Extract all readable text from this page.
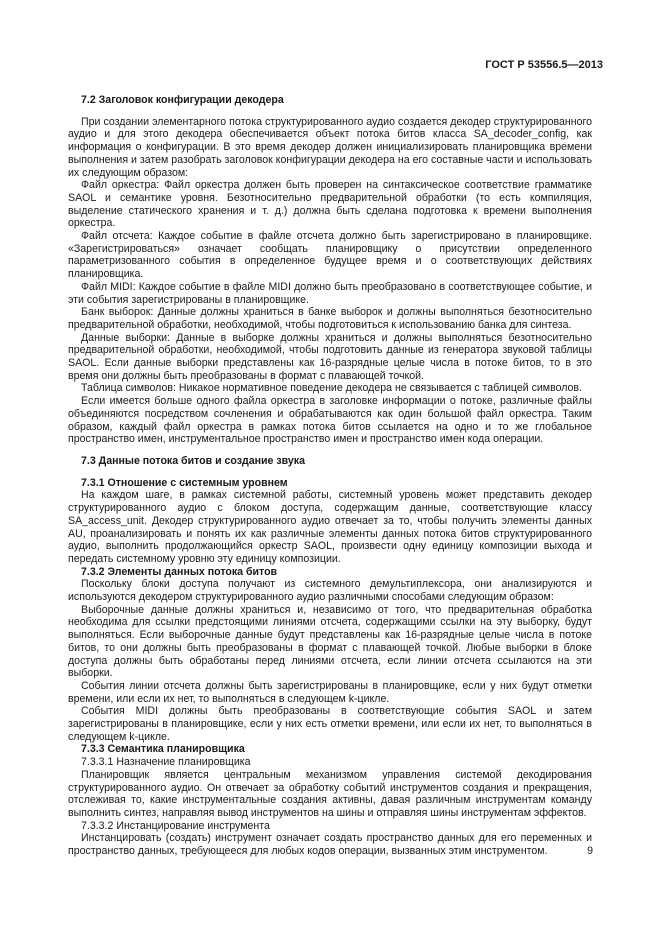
ГОСТ Р 53556.5—2013
7.2 Заголовок конфигурации декодера

При создании элементарного потока структурированного аудио создается декодер структурированного аудио и для этого декодера обеспечивается объект потока битов класса SA_decoder_config, как информация о конфигурации. В это время декодер должен инициализировать планировщика времени выполнения и затем разобрать заголовок конфигурации декодера на его составные части и использовать их следующим образом:

Файл оркестра: Файл оркестра должен быть проверен на синтаксическое соответствие грамматике SAOL и семантике уровня. Безотносительно предварительной обработки (то есть компиляция, выделение статического хранения и т. д.) должна быть сделана подготовка к времени выполнения оркестра.

Файл отсчета: Каждое событие в файле отсчета должно быть зарегистрировано в планировщике. «Зарегистрироваться» означает сообщать планировщику о присутствии определенного параметризованного события в определенное будущее время и о соответствующих действиях планировщика.

Файл MIDI: Каждое событие в файле MIDI должно быть преобразовано в соответствующее событие, и эти события зарегистрированы в планировщике.

Банк выборок: Данные должны храниться в банке выборок и должны выполняться безотносительно предварительной обработки, необходимой, чтобы подготовиться к использованию банка для синтеза.

Данные выборки: Данные в выборке должны храниться и должны выполняться безотносительно предварительной обработки, необходимой, чтобы подготовить данные из генератора звуковой таблицы SAOL. Если данные выборки представлены как 16-разрядные целые числа в потоке битов, то в это время они должны быть преобразованы в формат с плавающей точкой.

Таблица символов: Никакое нормативное поведение декодера не связывается с таблицей символов.

Если имеется больше одного файла оркестра в заголовке информации о потоке, различные файлы объединяются посредством сочленения и обрабатываются как один большой файл оркестра. Таким образом, каждый файл оркестра в рамках потока битов ссылается на одно и то же глобальное пространство имен, инструментальное пространство имен и пространство имен кода операции.

7.3 Данные потока битов и создание звука
7.3.1 Отношение с системным уровнем

На каждом шаге, в рамках системной работы, системный уровень может представить декодер структурированного аудио с блоком доступа, содержащим данные, соответствующие классу SA_access_unit. Декодер структурированного аудио отвечает за то, чтобы получить элементы данных AU, проанализировать и понять их как различные элементы данных потока битов структурированного аудио, выполнить продолжающийся оркестр SAOL, произвести одну единицу композиции выхода и передать системному уровню эту единицу композиции.

7.3.2 Элементы данных потока битов

Поскольку блоки доступа получают из системного демультиплексора, они анализируются и используются декодером структурированного аудио различными способами следующим образом:

Выборочные данные должны храниться и, независимо от того, что предварительная обработка необходима для ссылки предстоящими линиями отсчета, содержащими ссылки на эту выборку, будут выполняться. Если выборочные данные будут представлены как 16-разрядные целые числа в потоке битов, то они должны быть преобразованы в формат с плавающей точкой. Любые выборки в блоке доступа должны быть обработаны перед линиями отсчета, если линии отсчета ссылаются на эти выборки.

События линии отсчета должны быть зарегистрированы в планировщике, если у них будут отметки времени, или если их нет, то выполняться в следующем k-цикле.

События MIDI должны быть преобразованы в соответствующие события SAOL и затем зарегистрированы в планировщике, если у них есть отметки времени, или если их нет, то выполняться в следующем k-цикле.

7.3.3 Семантика планировщика
7.3.3.1 Назначение планировщика

Планировщик является центральным механизмом управления системой декодирования структурированного аудио. Он отвечает за обработку событий инструментов создания и прекращения, отслеживая то, какие инструментальные создания активны, давая различным инструментам команду выполнить синтез, направляя вывод инструментов на шины и отправляя шины инструментам эффектов.

7.3.3.2 Инстанцирование инструмента

Инстанцировать (создать) инструмент означает создать пространство данных для его переменных и пространство данных, требующееся для любых кодов операции, вызванных этим инструментом.	9
